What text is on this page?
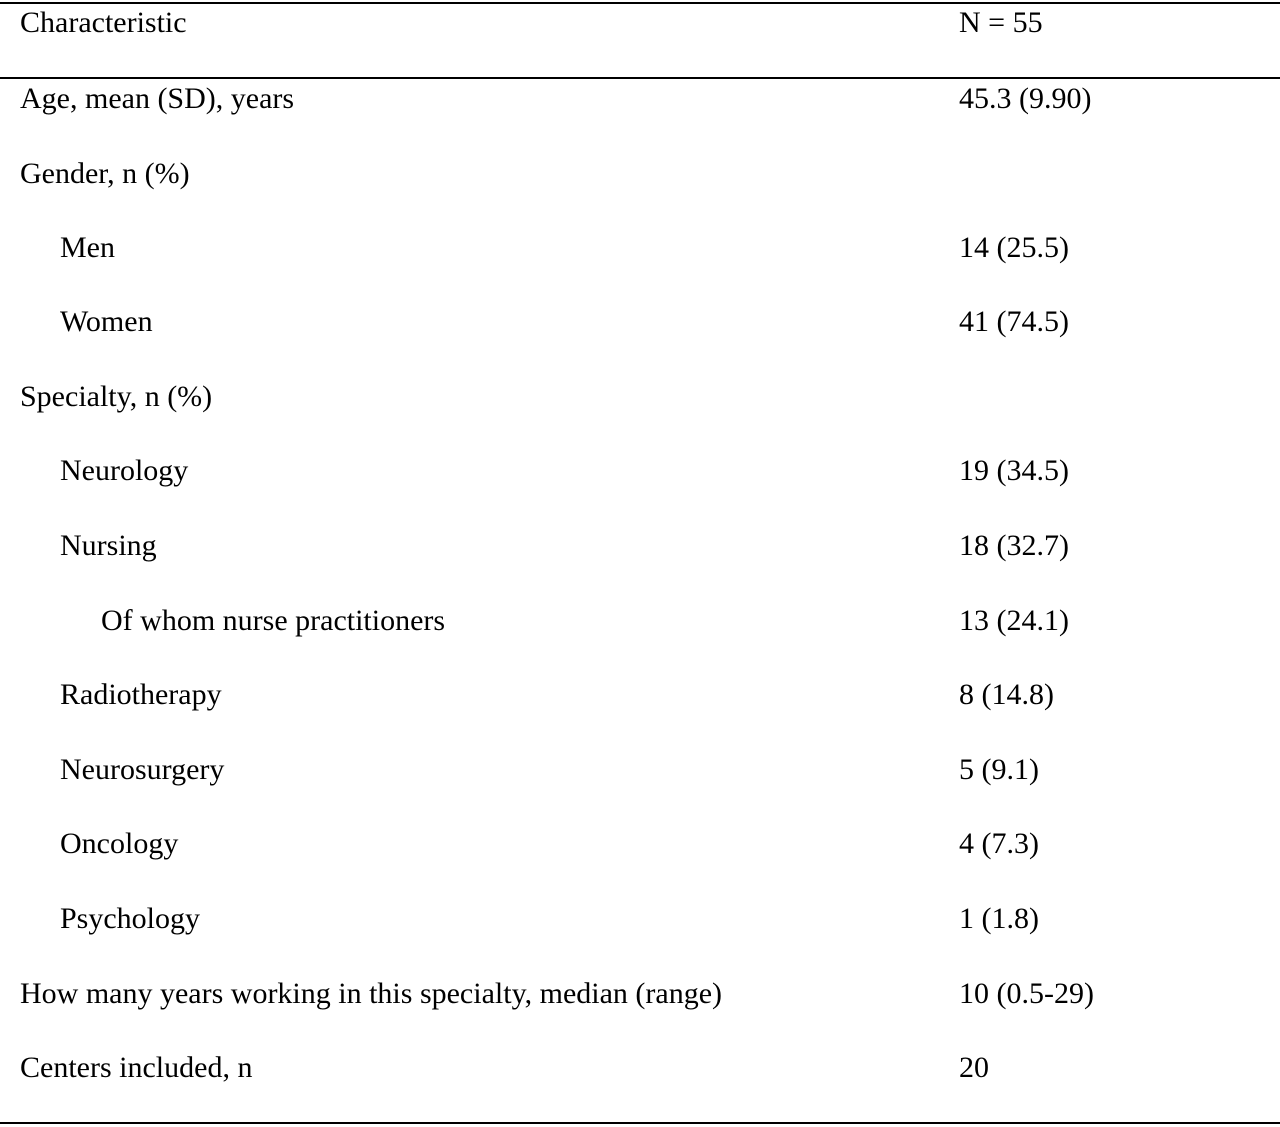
Characteristic	N = 55
Age, mean (SD), years	45.3 (9.90)
Gender, n (%)
Men	14 (25.5)
Women	41 (74.5)
Specialty, n (%)
Neurology	19 (34.5)
Nursing	18 (32.7)
Of whom nurse practitioners	13 (24.1)
Radiotherapy	8 (14.8)
Neurosurgery	5 (9.1)
Oncology	4 (7.3)
Psychology	1 (1.8)
How many years working in this specialty, median (range)	10 (0.5-29)
Centers included, n	20
